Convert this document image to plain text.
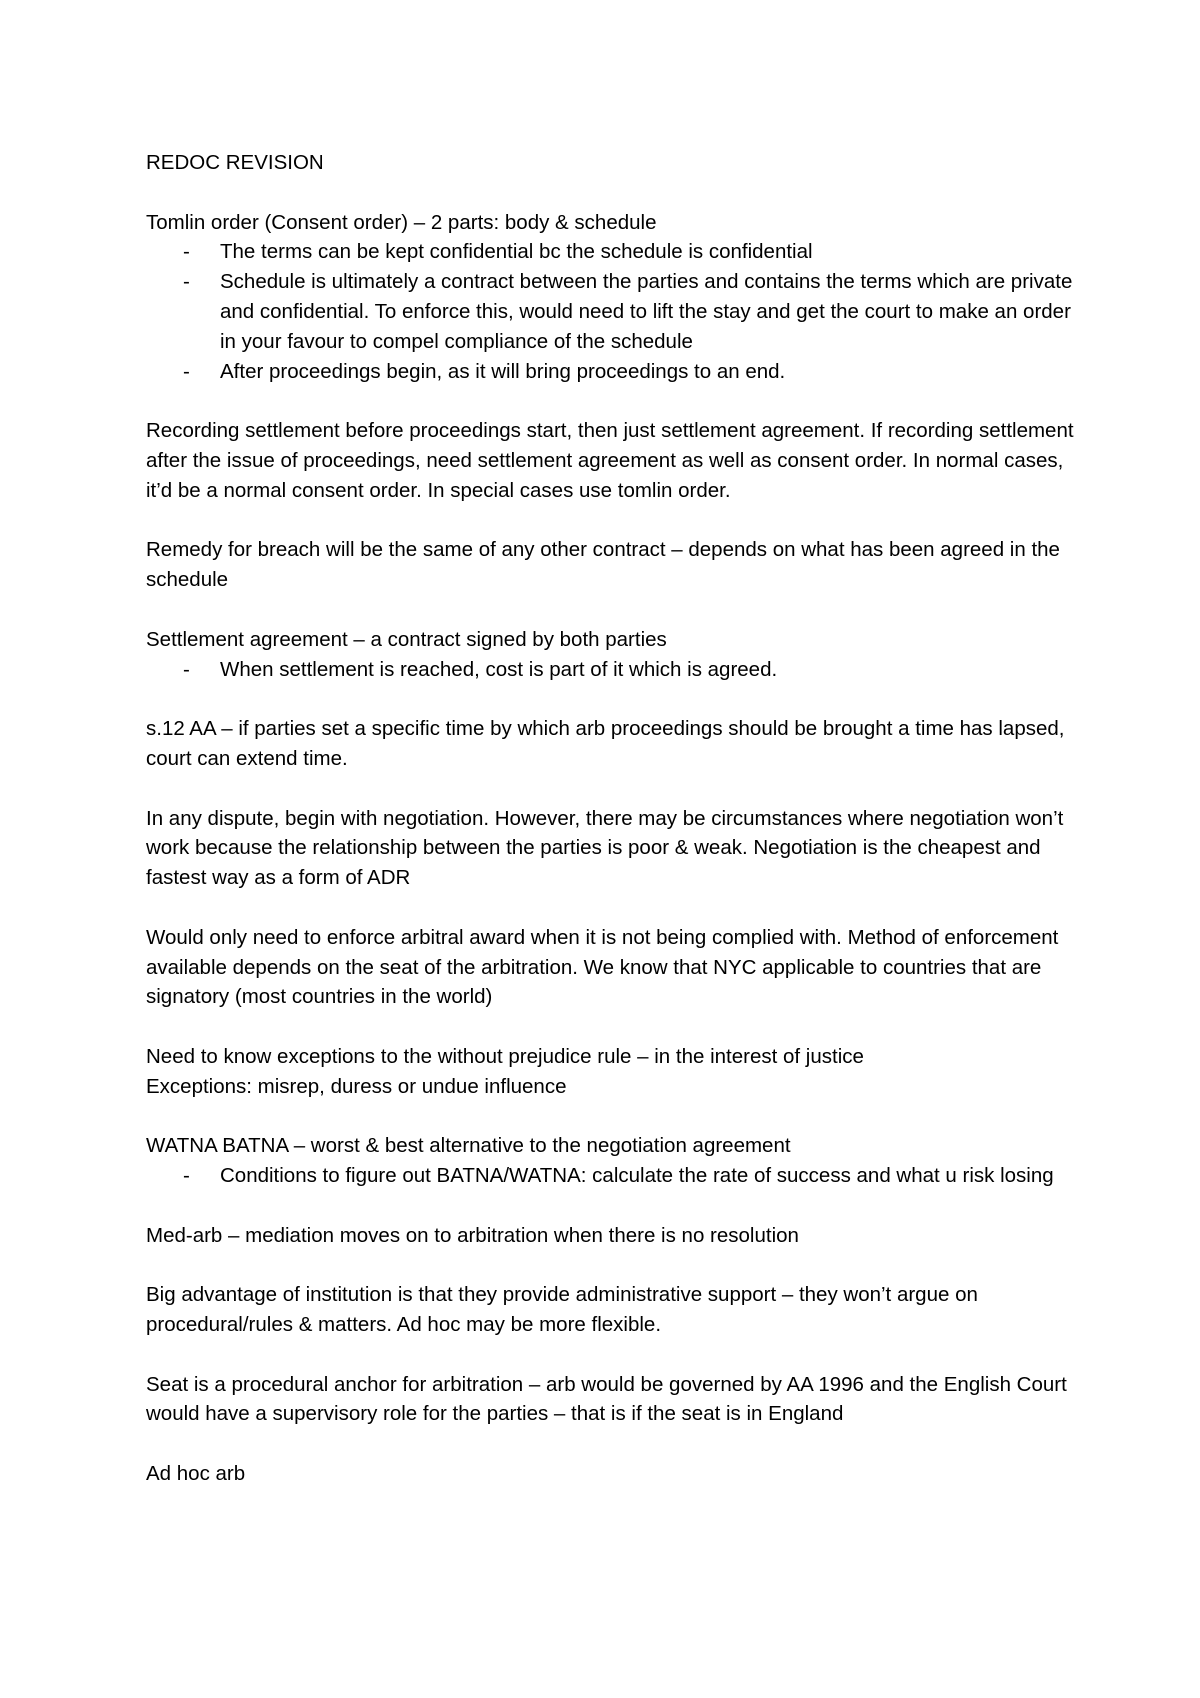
REDOC REVISION
Tomlin order (Consent order) – 2 parts: body & schedule
- The terms can be kept confidential bc the schedule is confidential
- Schedule is ultimately a contract between the parties and contains the terms which are private and confidential. To enforce this, would need to lift the stay and get the court to make an order in your favour to compel compliance of the schedule
- After proceedings begin, as it will bring proceedings to an end.
Recording settlement before proceedings start, then just settlement agreement. If recording settlement after the issue of proceedings, need settlement agreement as well as consent order. In normal cases, it’d be a normal consent order. In special cases use tomlin order.
Remedy for breach will be the same of any other contract – depends on what has been agreed in the schedule
Settlement agreement – a contract signed by both parties
- When settlement is reached, cost is part of it which is agreed.
s.12 AA – if parties set a specific time by which arb proceedings should be brought a time has lapsed, court can extend time.
In any dispute, begin with negotiation. However, there may be circumstances where negotiation won’t work because the relationship between the parties is poor & weak. Negotiation is the cheapest and fastest way as a form of ADR
Would only need to enforce arbitral award when it is not being complied with. Method of enforcement available depends on the seat of the arbitration. We know that NYC applicable to countries that are signatory (most countries in the world)
Need to know exceptions to the without prejudice rule – in the interest of justice
Exceptions: misrep, duress or undue influence
WATNA BATNA – worst & best alternative to the negotiation agreement
- Conditions to figure out BATNA/WATNA: calculate the rate of success and what u risk losing
Med-arb – mediation moves on to arbitration when there is no resolution
Big advantage of institution is that they provide administrative support – they won’t argue on procedural/rules & matters. Ad hoc may be more flexible.
Seat is a procedural anchor for arbitration – arb would be governed by AA 1996 and the English Court would have a supervisory role for the parties – that is if the seat is in England
Ad hoc arb
